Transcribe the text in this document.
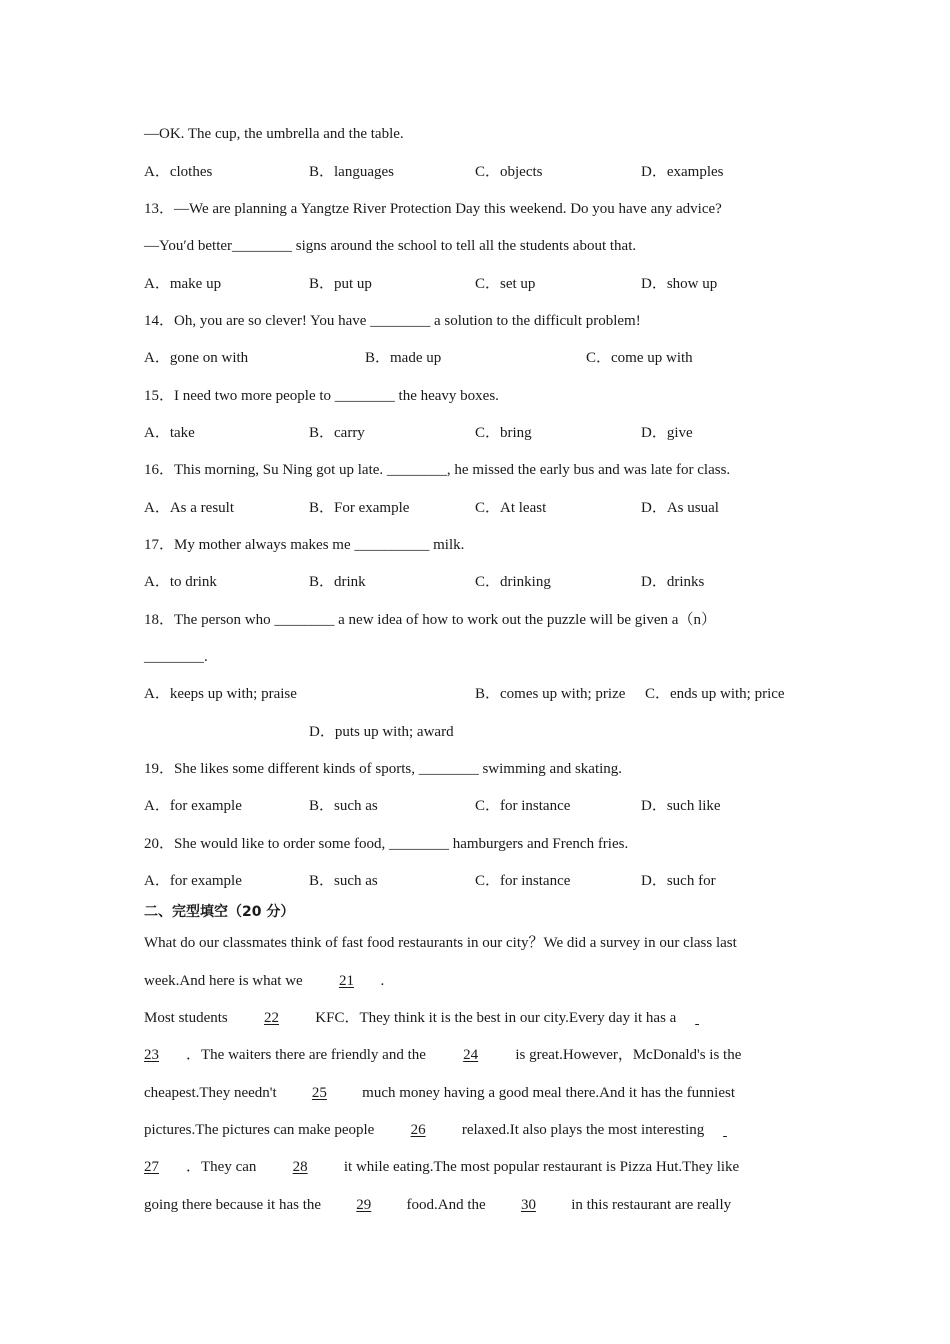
—OK. The cup, the umbrella and the table.
A．clothes	B．languages	C．objects	D．examples
13．—We are planning a Yangtze River Protection Day this weekend. Do you have any advice?
—You′d better________ signs around the school to tell all the students about that.
A．make up	B．put up	C．set up	D．show up
14．Oh, you are so clever! You have ________ a solution to the difficult problem!
A．gone on with	B．made up	C．come up with
15．I need two more people to ________ the heavy boxes.
A．take	B．carry	C．bring	D．give
16．This morning, Su Ning got up late. ________, he missed the early bus and was late for class.
A．As a result	B．For example	C．At least	D．As usual
17．My mother always makes me __________ milk.
A．to drink	B．drink	C．drinking	D．drinks
18．The person who ________ a new idea of how to work out the puzzle will be given a（n）
________.
A．keeps up with; praise	B．comes up with; prize C．ends up with; price
D．puts up with; award
19．She likes some different kinds of sports, ________ swimming and skating.
A．for example	B．such as	C．for instance	D．such like
20．She would like to order some food, ________ hamburgers and French fries.
A．for example	B．such as	C．for instance	D．such for
二、完型填空（20 分）
What do our classmates think of fast food restaurants in our city？We did a survey in our class last
week.And here is what we 21 .
Most students 22 KFC．They think it is the best in our city.Every day it has a
23 ．The waiters there are friendly and the 24 is great.However，McDonald's is the
cheapest.They needn't 25 much money having a good meal there.And it has the funniest
pictures.The pictures can make people 26 relaxed.It also plays the most interesting
27 ．They can 28 it while eating.The most popular restaurant is Pizza Hut.They like
going there because it has the 29 food.And the 30 in this restaurant are really
